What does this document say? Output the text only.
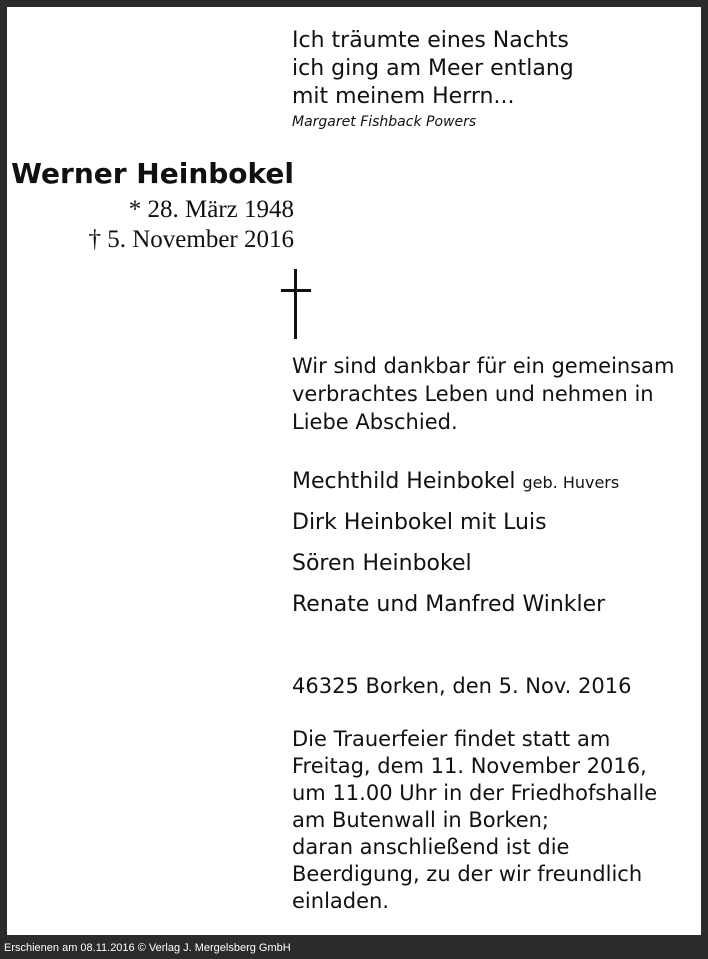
Ich träumte eines Nachts
ich ging am Meer entlang
mit meinem Herrn...
Margaret Fishback Powers
Werner Heinbokel
* 28. März 1948
† 5. November 2016
Wir sind dankbar für ein gemeinsam verbrachtes Leben und nehmen in Liebe Abschied.
Mechthild Heinbokel geb. Huvers
Dirk Heinbokel mit Luis
Sören Heinbokel
Renate und Manfred Winkler
46325 Borken, den 5. Nov. 2016
Die Trauerfeier findet statt am
Freitag, dem 11. November 2016,
um 11.00 Uhr in der Friedhofshalle
am Butenwall in Borken;
daran anschließend ist die
Beerdigung, zu der wir freundlich
einladen.
Erschienen am 08.11.2016 © Verlag J. Mergelsberg GmbH
